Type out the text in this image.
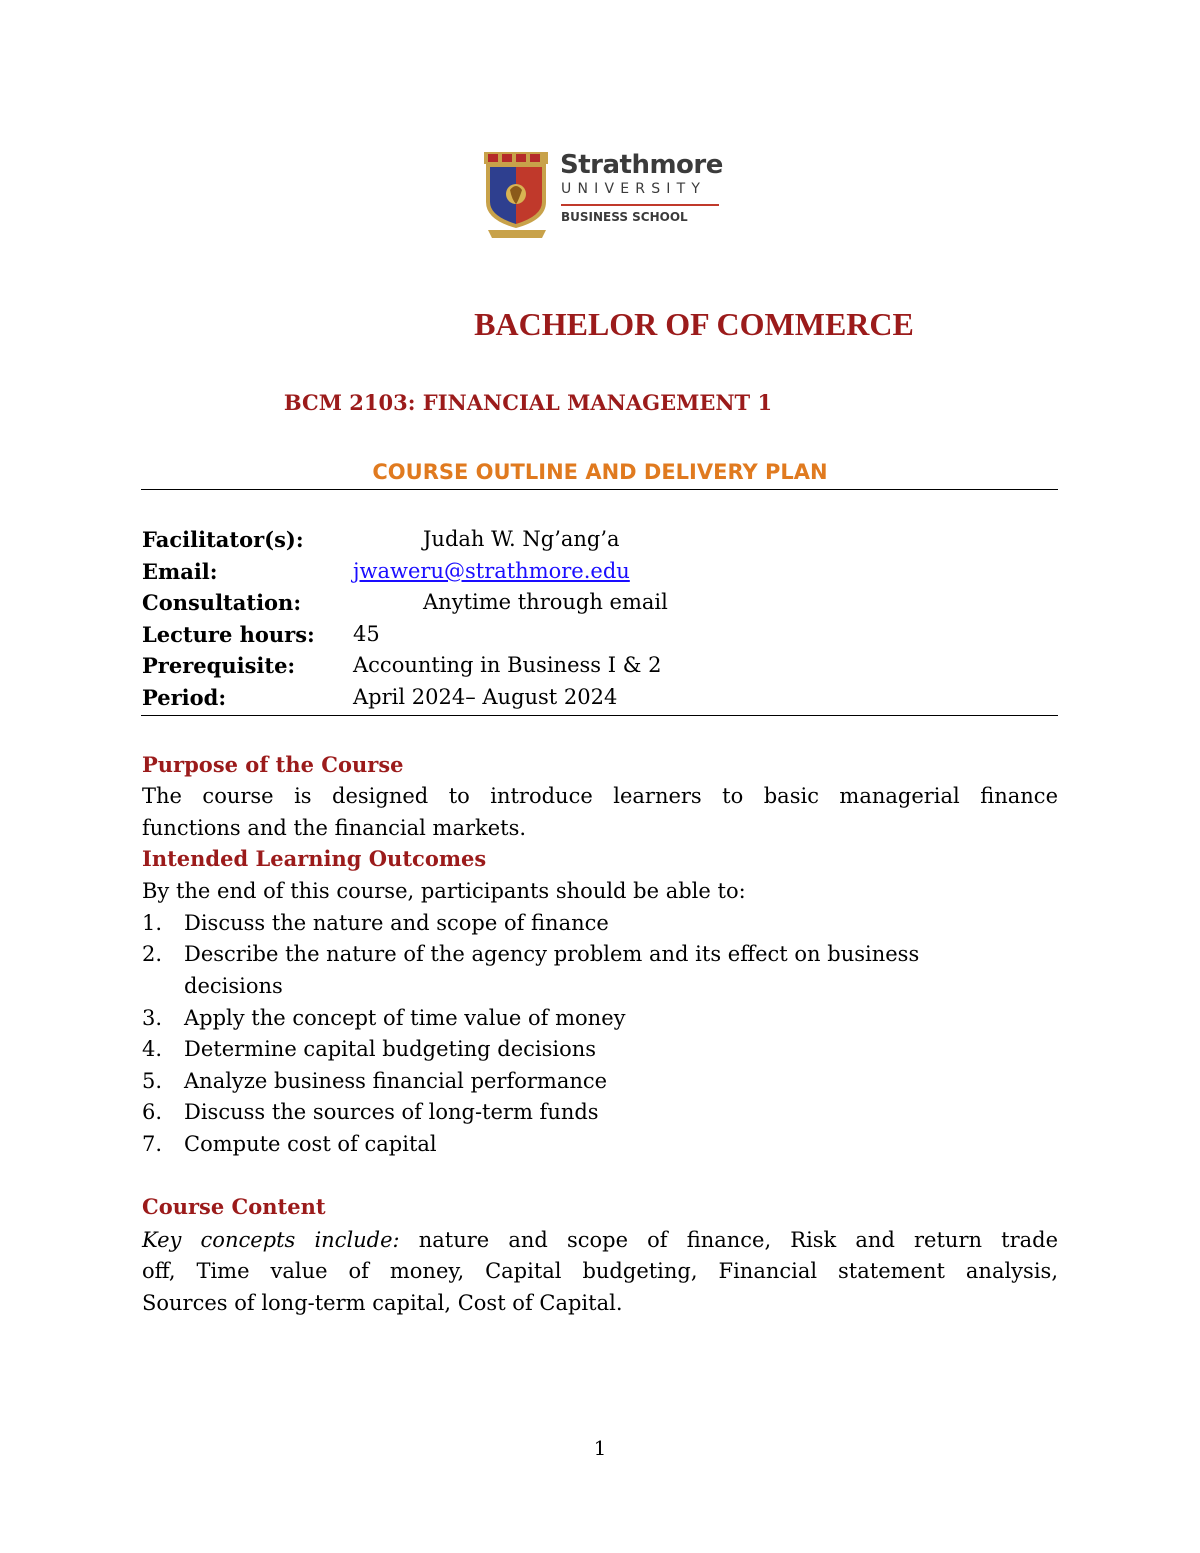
Strathmore
UNIVERSITY
BUSINESS SCHOOL
BACHELOR OF COMMERCE
BCM 2103: FINANCIAL MANAGEMENT 1
COURSE OUTLINE AND DELIVERY PLAN
Facilitator(s):	Judah W. Ng’ang’a
Email:	jwaweru@strathmore.edu
Consultation:	Anytime through email
Lecture hours: 45
Prerequisite:	Accounting in Business I & 2
Period:	April 2024– August 2024
Purpose of the Course
The course is designed to introduce learners to basic managerial finance
functions and the financial markets.
Intended Learning Outcomes
By the end of this course, participants should be able to:
1. Discuss the nature and scope of finance
2. Describe the nature of the agency problem and its effect on business
decisions
3. Apply the concept of time value of money
4. Determine capital budgeting decisions
5. Analyze business financial performance
6. Discuss the sources of long-term funds
7. Compute cost of capital
Course Content
Key concepts include: nature and scope of finance, Risk and return trade
off, Time value of money, Capital budgeting, Financial statement analysis,
Sources of long-term capital, Cost of Capital.
1
